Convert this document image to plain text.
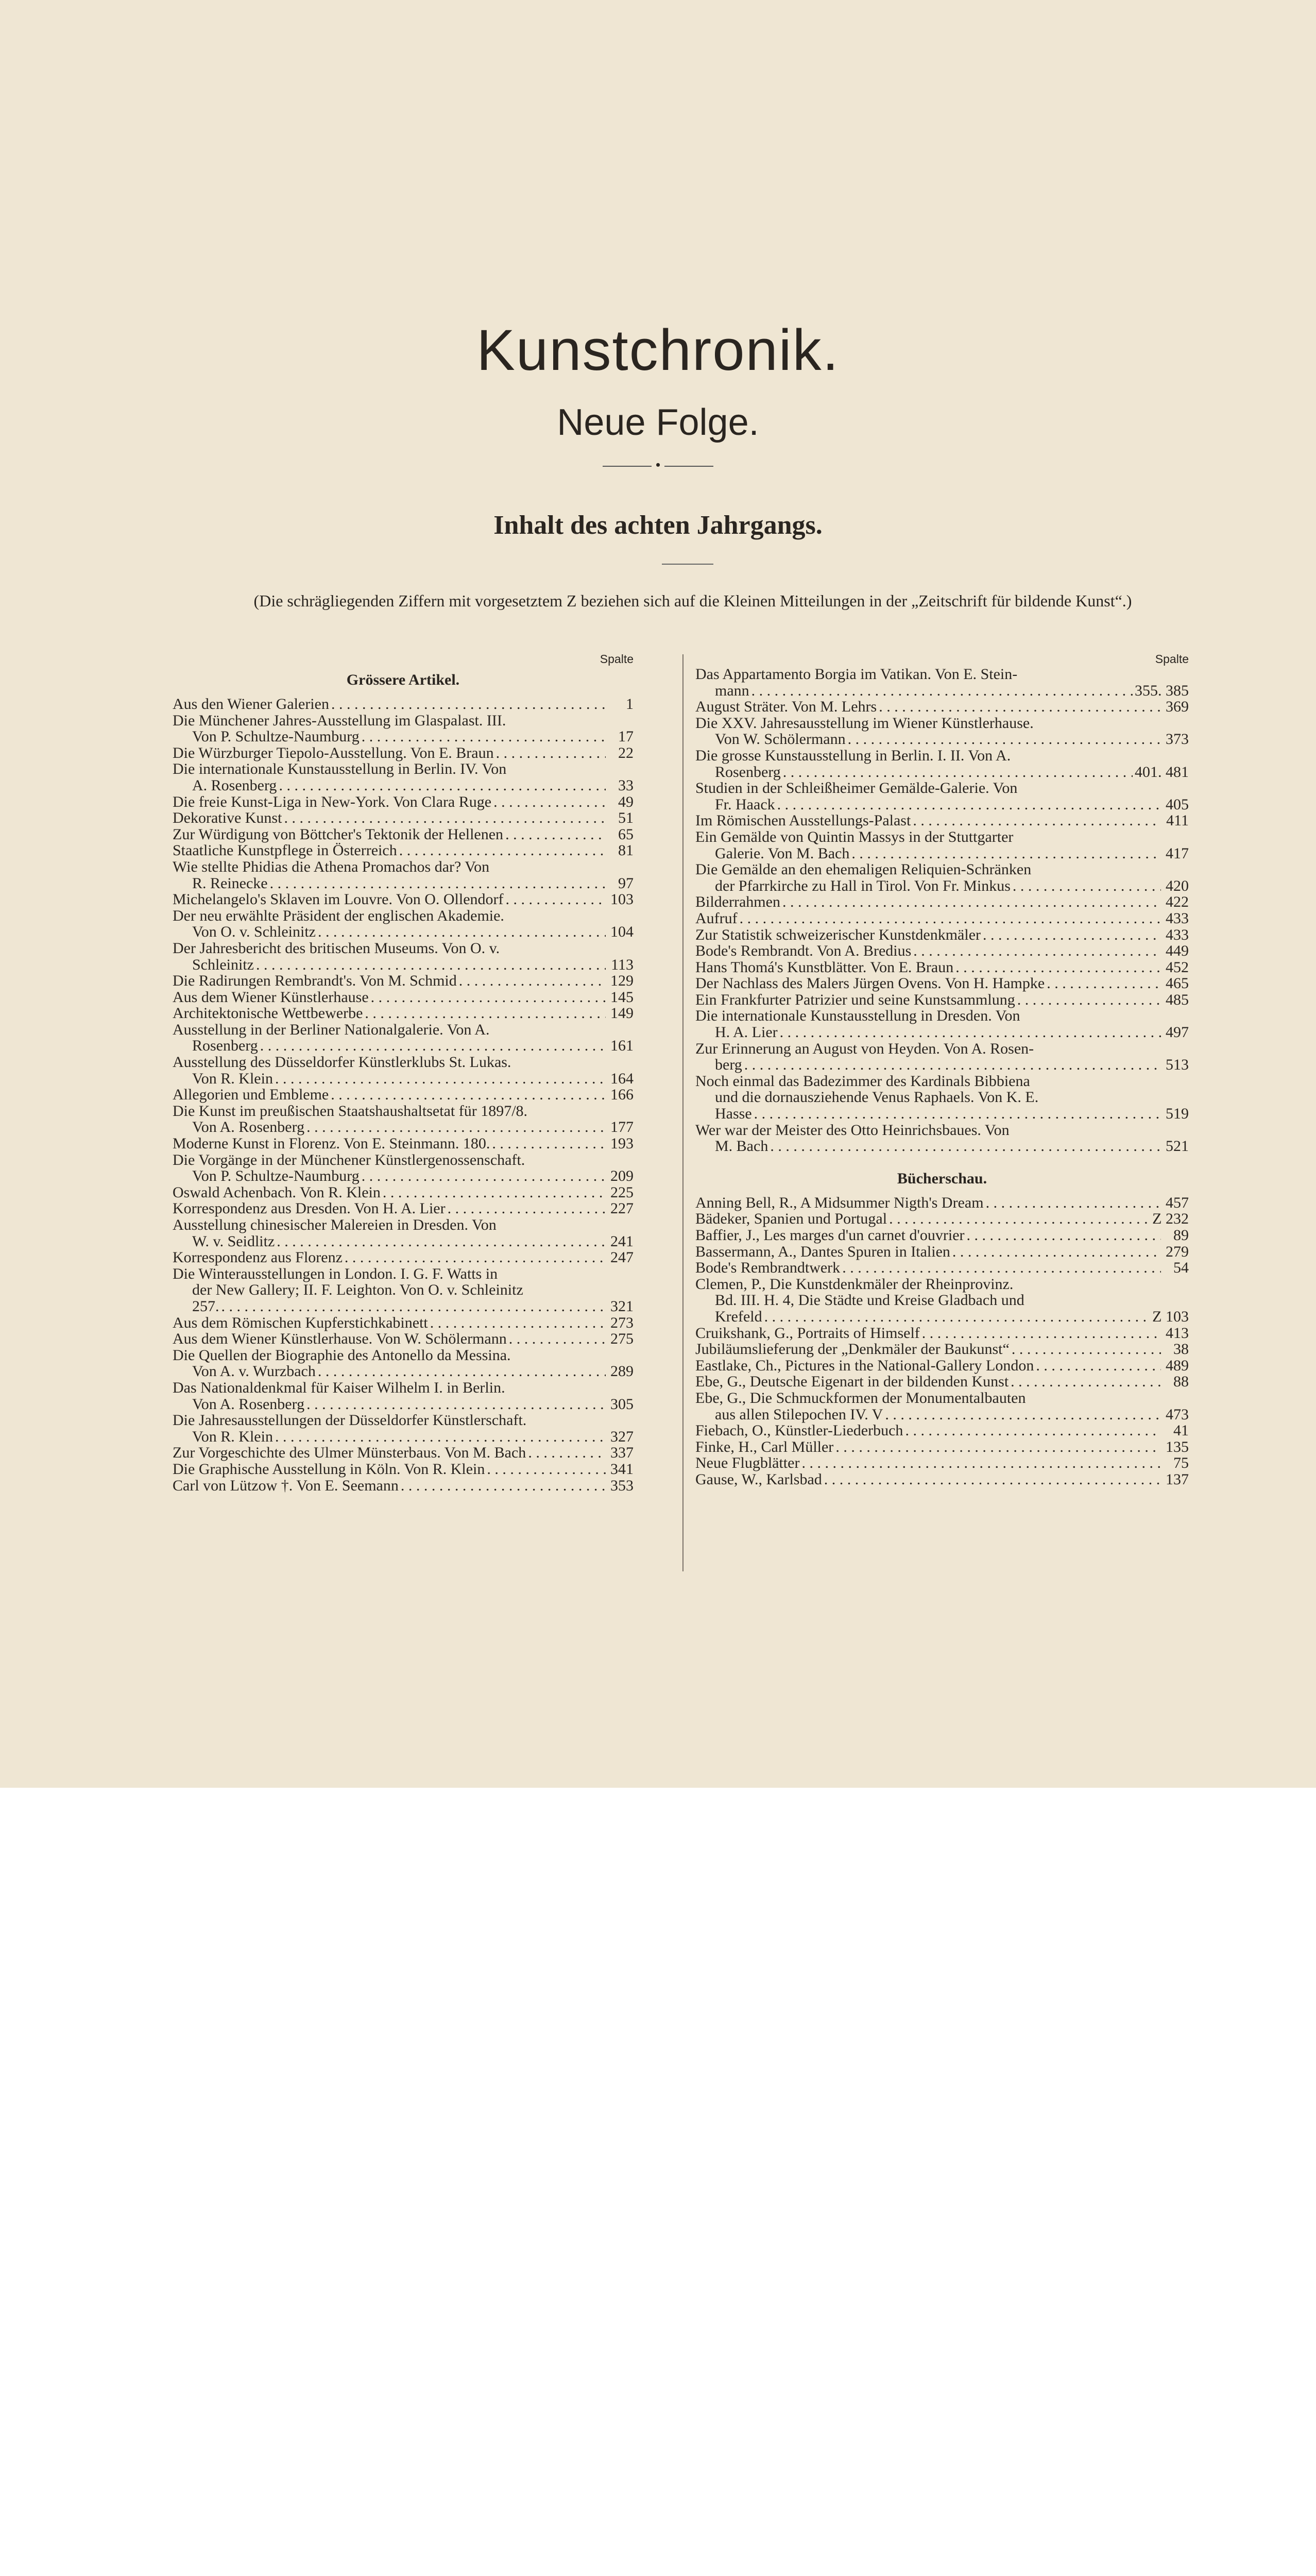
Kunstchronik.
Neue Folge.
•
Inhalt des achten Jahrgangs.
(Die schrägliegenden Ziffern mit vorgesetztem Z beziehen sich auf die Kleinen Mitteilungen in der „Zeitschrift für bildende Kunst“.)
Spalte
Grössere Artikel.
Aus den Wiener Galerien . . .	1
Die Münchener Jahres-Ausstellung im Glaspalast. III.
Von P. Schultze-Naumburg . . .	17
Die Würzburger Tiepolo-Ausstellung. Von E. Braun . . .	22
Die internationale Kunstausstellung in Berlin. IV. Von
A. Rosenberg . . .	33
Die freie Kunst-Liga in New-York. Von Clara Ruge . . .	49
Dekorative Kunst . . .	51
Zur Würdigung von Böttcher's Tektonik der Hellenen . . .	65
Staatliche Kunstpflege in Österreich . . .	81
Wie stellte Phidias die Athena Promachos dar? Von
R. Reinecke . . .	97
Michelangelo's Sklaven im Louvre. Von O. Ollendorf . . .	103
Der neu erwählte Präsident der englischen Akademie.
Von O. v. Schleinitz . . .	104
Der Jahresbericht des britischen Museums. Von O. v.
Schleinitz . . .	113
Die Radirungen Rembrandt's. Von M. Schmid . . .	129
Aus dem Wiener Künstlerhause . . .	145
Architektonische Wettbewerbe . . .	149
Ausstellung in der Berliner Nationalgalerie. Von A.
Rosenberg . . .	161
Ausstellung des Düsseldorfer Künstlerklubs St. Lukas.
Von R. Klein . . .	164
Allegorien und Embleme . . .	166
Die Kunst im preußischen Staatshaushaltsetat für 1897/8.
Von A. Rosenberg . . .	177
Moderne Kunst in Florenz. Von E. Steinmann. 180. . . .	193
Die Vorgänge in der Münchener Künstlergenossenschaft.
Von P. Schultze-Naumburg . . .	209
Oswald Achenbach. Von R. Klein . . .	225
Korrespondenz aus Dresden. Von H. A. Lier . . .	227
Ausstellung chinesischer Malereien in Dresden. Von
W. v. Seidlitz . . .	241
Korrespondenz aus Florenz . . .	247
Die Winterausstellungen in London. I. G. F. Watts in
der New Gallery; II. F. Leighton. Von O. v. Schleinitz
257. . . .	321
Aus dem Römischen Kupferstichkabinett . . .	273
Aus dem Wiener Künstlerhause. Von W. Schölermann . . .	275
Die Quellen der Biographie des Antonello da Messina.
Von A. v. Wurzbach . . .	289
Das Nationaldenkmal für Kaiser Wilhelm I. in Berlin.
Von A. Rosenberg . . .	305
Die Jahresausstellungen der Düsseldorfer Künstlerschaft.
Von R. Klein . . .	327
Zur Vorgeschichte des Ulmer Münsterbaus. Von M. Bach . . .	337
Die Graphische Ausstellung in Köln. Von R. Klein . . .	341
Carl von Lützow †. Von E. Seemann . . .	353
Spalte
Das Appartamento Borgia im Vatikan. Von E. Stein-
mann . . .	355. 385
August Sträter. Von M. Lehrs . . .	369
Die XXV. Jahresausstellung im Wiener Künstlerhause.
Von W. Schölermann . . .	373
Die grosse Kunstausstellung in Berlin. I. II. Von A.
Rosenberg . . .	401. 481
Studien in der Schleißheimer Gemälde-Galerie. Von
Fr. Haack . . .	405
Im Römischen Ausstellungs-Palast . . .	411
Ein Gemälde von Quintin Massys in der Stuttgarter
Galerie. Von M. Bach . . .	417
Die Gemälde an den ehemaligen Reliquien-Schränken
der Pfarrkirche zu Hall in Tirol. Von Fr. Minkus . . .	420
Bilderrahmen . . .	422
Aufruf . . .	433
Zur Statistik schweizerischer Kunstdenkmäler . . .	433
Bode's Rembrandt. Von A. Bredius . . .	449
Hans Thomá's Kunstblätter. Von E. Braun . . .	452
Der Nachlass des Malers Jürgen Ovens. Von H. Hampke . . .	465
Ein Frankfurter Patrizier und seine Kunstsammlung . . .	485
Die internationale Kunstausstellung in Dresden. Von
H. A. Lier . . .	497
Zur Erinnerung an August von Heyden. Von A. Rosen-
berg . . .	513
Noch einmal das Badezimmer des Kardinals Bibbiena
und die dornausziehende Venus Raphaels. Von K. E.
Hasse . . .	519
Wer war der Meister des Otto Heinrichsbaues. Von
M. Bach . . .	521
Bücherschau.
Anning Bell, R., A Midsummer Nigth's Dream . . .	457
Bädeker, Spanien und Portugal . . .	Z 232
Baffier, J., Les marges d'un carnet d'ouvrier . . .	89
Bassermann, A., Dantes Spuren in Italien . . .	279
Bode's Rembrandtwerk . . .	54
Clemen, P., Die Kunstdenkmäler der Rheinprovinz.
Bd. III. H. 4, Die Städte und Kreise Gladbach und
Krefeld . . .	Z 103
Cruikshank, G., Portraits of Himself . . .	413
Jubiläumslieferung der „Denkmäler der Baukunst“ . . .	38
Eastlake, Ch., Pictures in the National-Gallery London . . .	489
Ebe, G., Deutsche Eigenart in der bildenden Kunst . . .	88
Ebe, G., Die Schmuckformen der Monumentalbauten
aus allen Stilepochen IV. V . . .	473
Fiebach, O., Künstler-Liederbuch . . .	41
Finke, H., Carl Müller . . .	135
Neue Flugblätter . . .	75
Gause, W., Karlsbad . . .	137
